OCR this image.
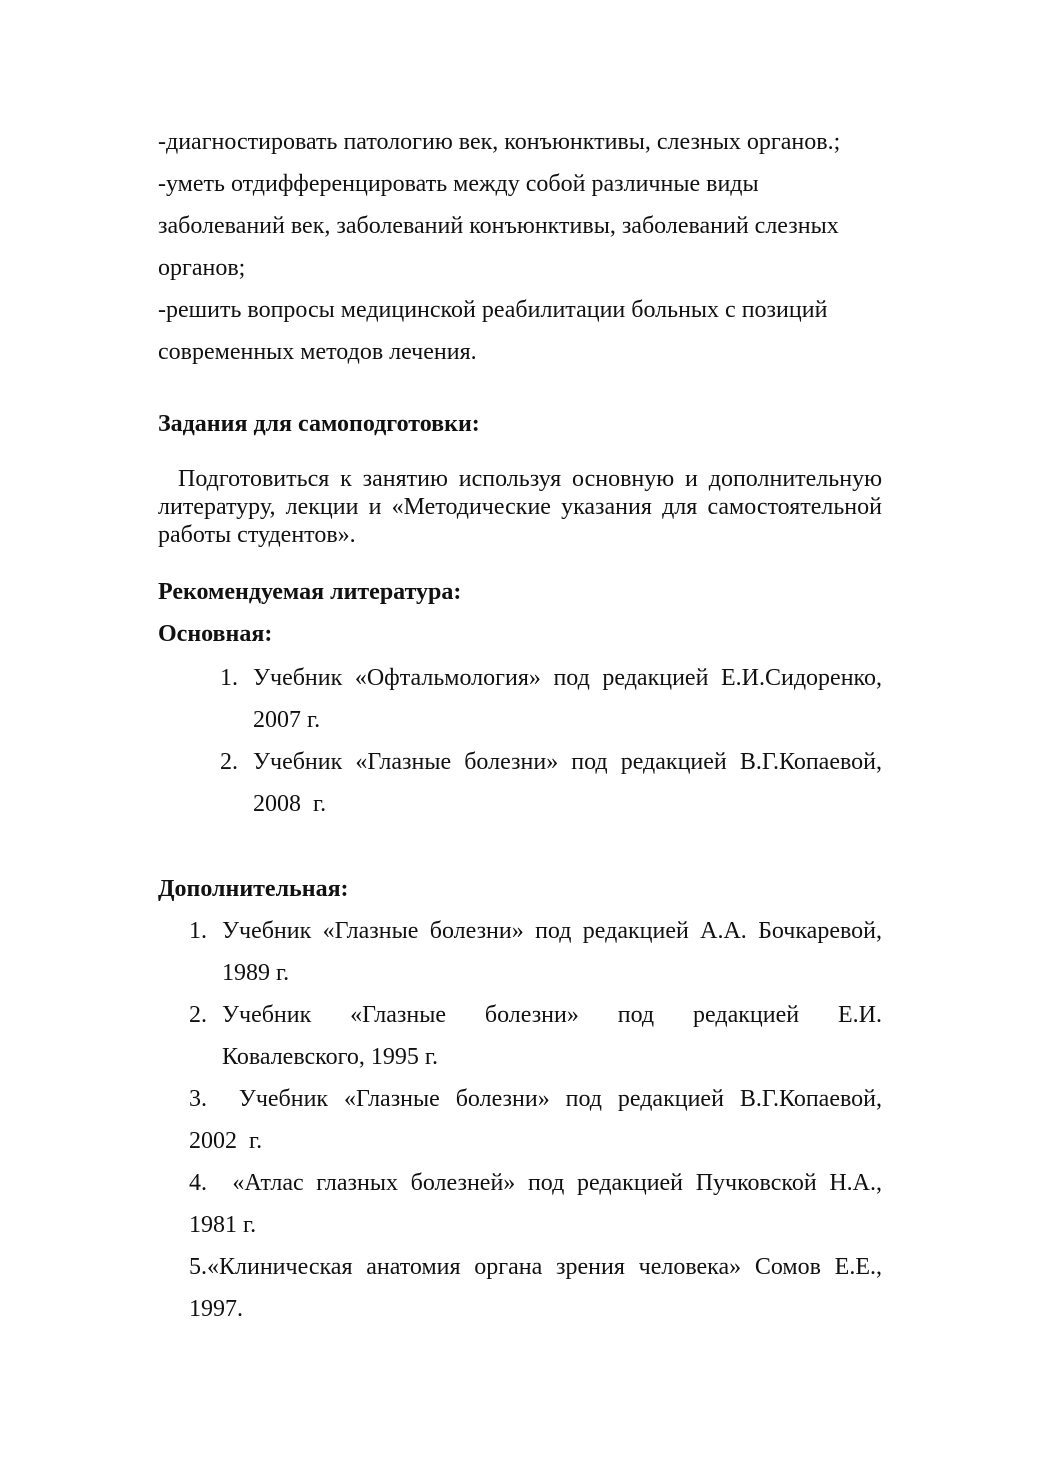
-диагностировать патологию век, конъюнктивы, слезных органов.;
-уметь отдифференцировать между собой различные виды
заболеваний век, заболеваний конъюнктивы, заболеваний слезных
органов;
-решить вопросы медицинской реабилитации больных с позиций
современных методов лечения.
Задания для самоподготовки:
Подготовиться к занятию используя основную и дополнительную литературу, лекции и «Методические указания для самостоятельной работы студентов».
Рекомендуемая литература:
Основная:
1. Учебник «Офтальмология» под редакцией Е.И.Сидоренко,
2007 г.
2. Учебник «Глазные болезни» под редакцией В.Г.Копаевой,
2008  г.
Дополнительная:
1. Учебник «Глазные болезни» под редакцией А.А. Бочкаревой,
1989 г.
2. Учебник «Глазные болезни» под редакцией Е.И.
Ковалевского, 1995 г.
3.  Учебник «Глазные болезни» под редакцией В.Г.Копаевой,
2002  г.
4.  «Атлас глазных болезней» под редакцией Пучковской Н.А.,
1981 г.
5.«Клиническая анатомия органа зрения человека» Сомов Е.Е.,
1997.
